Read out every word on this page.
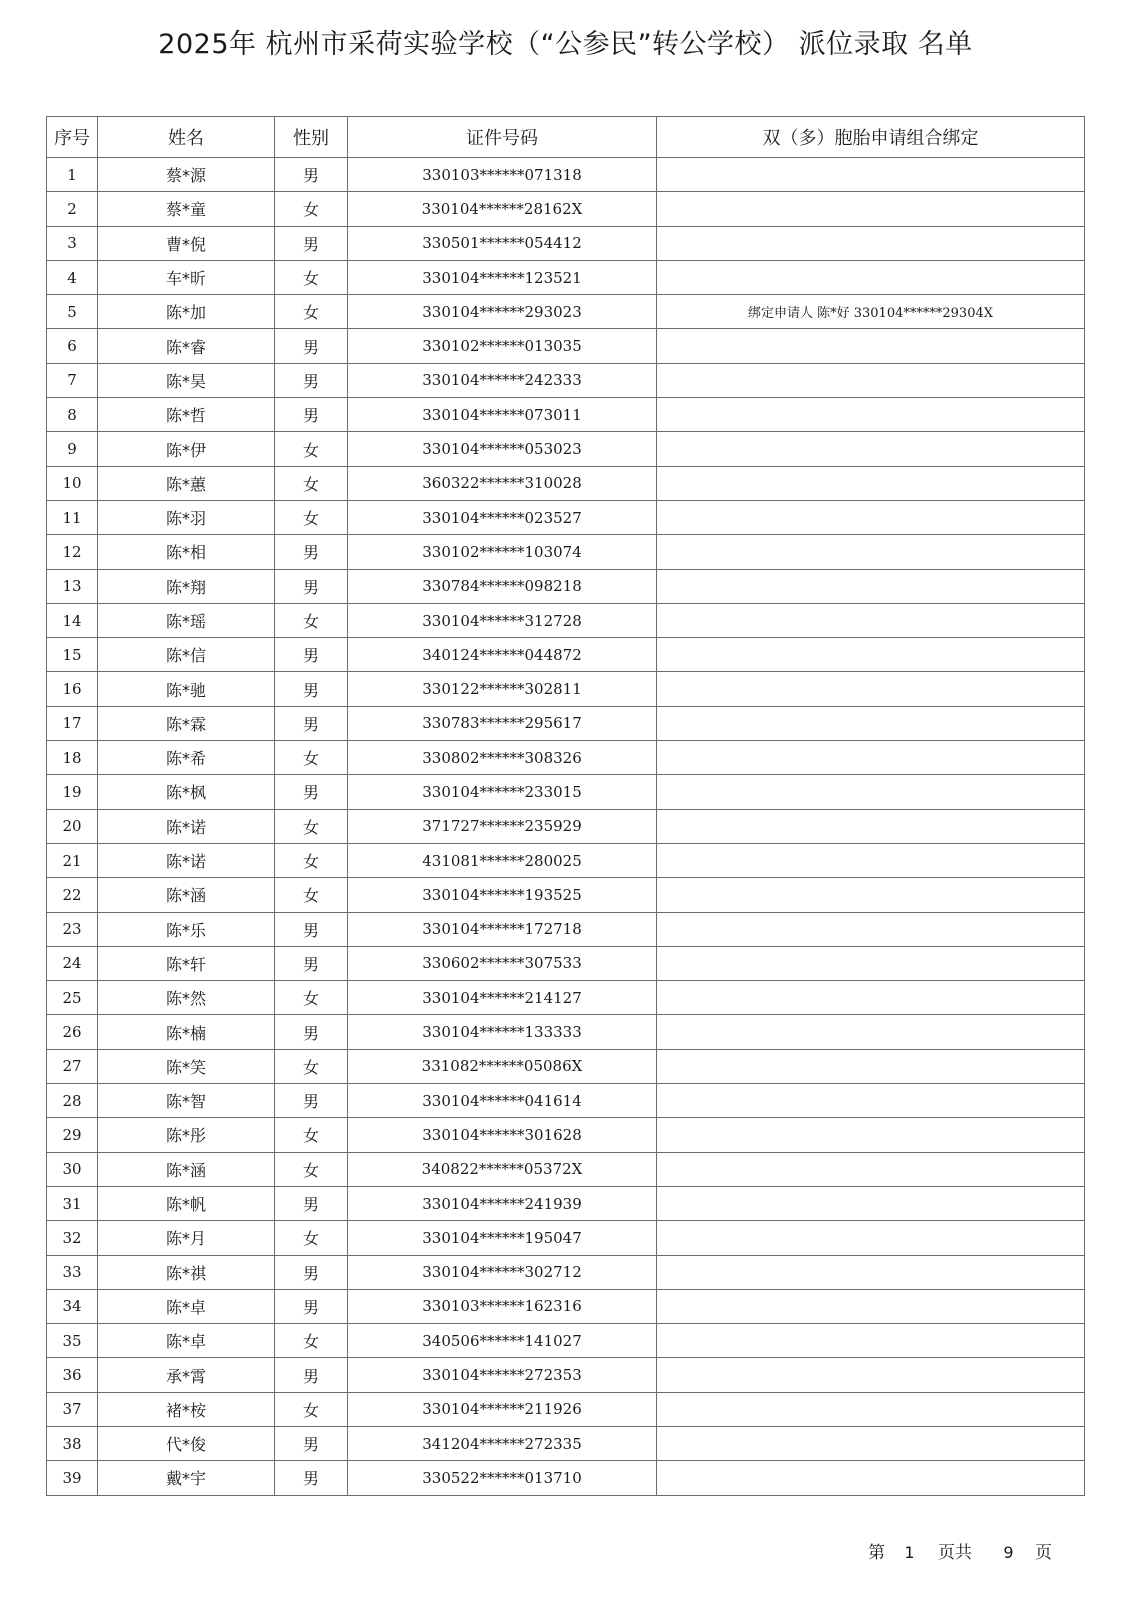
2025年 杭州市采荷实验学校（“公参民”转公学校） 派位录取 名单
序号	姓名	性别	证件号码	双（多）胞胎申请组合绑定
1	蔡*源	男	330103******071318	
2	蔡*童	女	330104******28162X	
3	曹*倪	男	330501******054412	
4	车*昕	女	330104******123521	
5	陈*加	女	330104******293023	绑定申请人 陈*好 330104******29304X
6	陈*睿	男	330102******013035	
7	陈*昊	男	330104******242333	
8	陈*哲	男	330104******073011	
9	陈*伊	女	330104******053023	
10	陈*蕙	女	360322******310028	
11	陈*羽	女	330104******023527	
12	陈*相	男	330102******103074	
13	陈*翔	男	330784******098218	
14	陈*瑶	女	330104******312728	
15	陈*信	男	340124******044872	
16	陈*驰	男	330122******302811	
17	陈*霖	男	330783******295617	
18	陈*希	女	330802******308326	
19	陈*枫	男	330104******233015	
20	陈*诺	女	371727******235929	
21	陈*诺	女	431081******280025	
22	陈*涵	女	330104******193525	
23	陈*乐	男	330104******172718	
24	陈*轩	男	330602******307533	
25	陈*然	女	330104******214127	
26	陈*楠	男	330104******133333	
27	陈*笑	女	331082******05086X	
28	陈*智	男	330104******041614	
29	陈*彤	女	330104******301628	
30	陈*涵	女	340822******05372X	
31	陈*帆	男	330104******241939	
32	陈*月	女	330104******195047	
33	陈*祺	男	330104******302712	
34	陈*卓	男	330103******162316	
35	陈*卓	女	340506******141027	
36	承*霄	男	330104******272353	
37	褚*桉	女	330104******211926	
38	代*俊	男	341204******272335	
39	戴*宇	男	330522******013710	
第 1 页共 9 页
